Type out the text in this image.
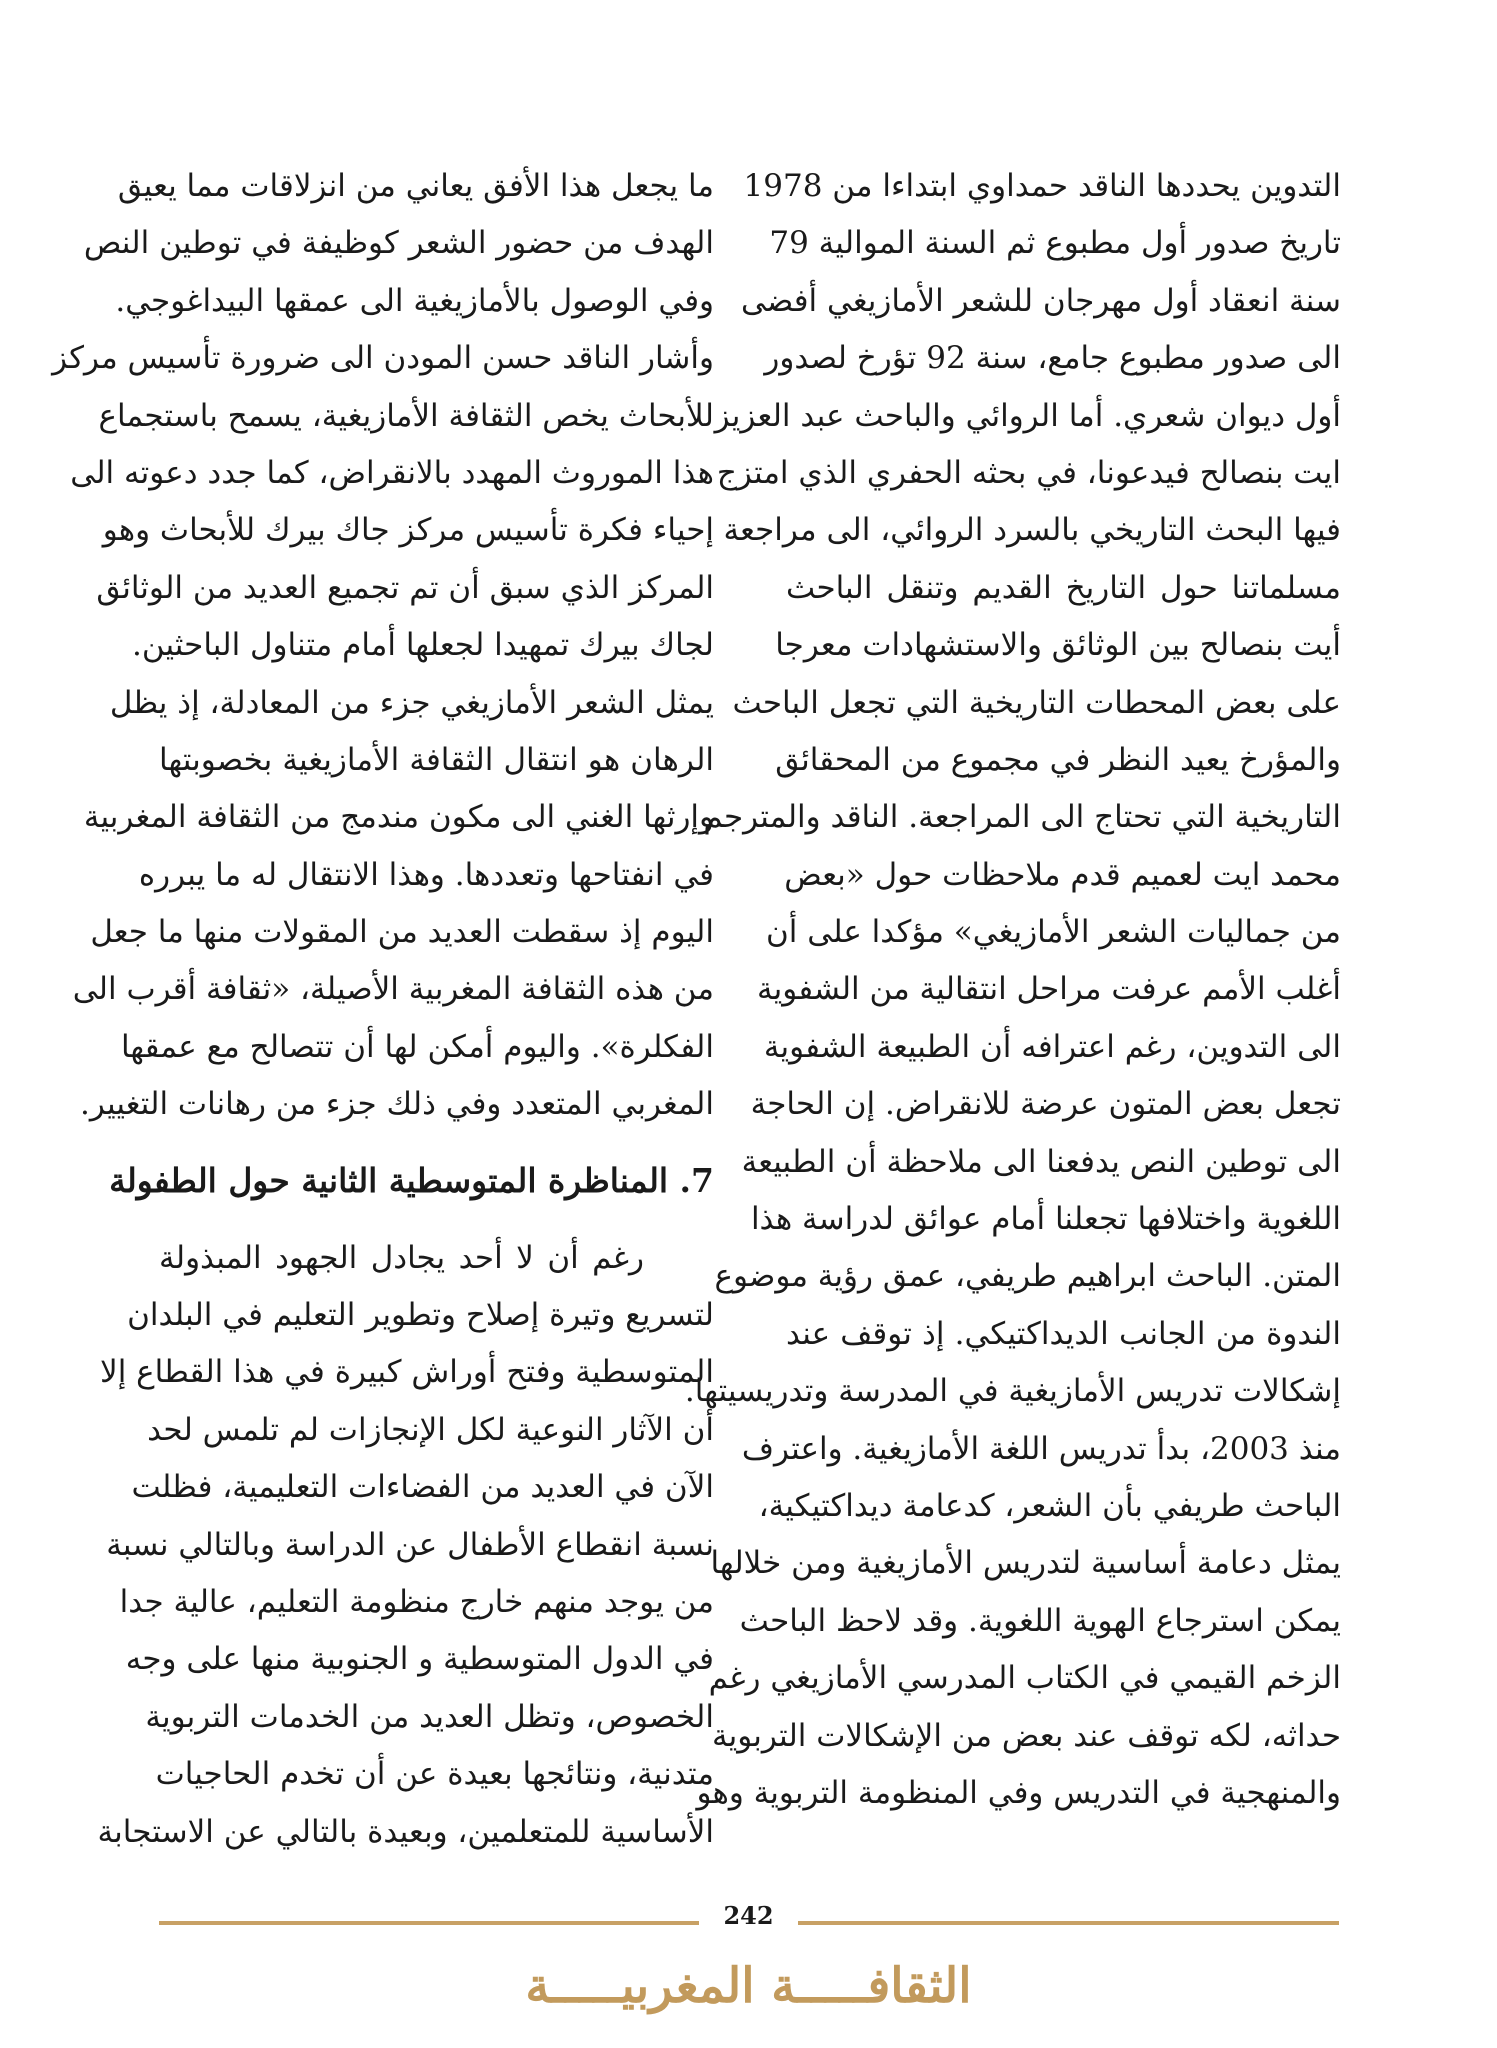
التدوين يحددها الناقد حمداوي ابتداءا من 1978
تاريخ صدور أول مطبوع ثم السنة الموالية 79
سنة انعقاد أول مهرجان للشعر الأمازيغي أفضى
الى صدور مطبوع جامع، سنة 92 تؤرخ لصدور
أول ديوان شعري. أما الروائي والباحث عبد العزيز
ايت بنصالح فيدعونا، في بحثه الحفري الذي امتزج
فيها البحث التاريخي بالسرد الروائي، الى مراجعة
مسلماتنا حول التاريخ القديم وتنقل الباحث
أيت بنصالح بين الوثائق والاستشهادات معرجا
على بعض المحطات التاريخية التي تجعل الباحث
والمؤرخ يعيد النظر في مجموع من المحقائق
التاريخية التي تحتاج الى المراجعة. الناقد والمترجم
محمد ايت لعميم قدم ملاحظات حول «بعض
من جماليات الشعر الأمازيغي» مؤكدا على أن
أغلب الأمم عرفت مراحل انتقالية من الشفوية
الى التدوين، رغم اعترافه أن الطبيعة الشفوية
تجعل بعض المتون عرضة للانقراض. إن الحاجة
الى توطين النص يدفعنا الى ملاحظة أن الطبيعة
اللغوية واختلافها تجعلنا أمام عوائق لدراسة هذا
المتن. الباحث ابراهيم طريفي، عمق رؤية موضوع
الندوة من الجانب الديداكتيكي. إذ توقف عند
إشكالات تدريس الأمازيغية في المدرسة وتدريسيتها.
منذ 2003، بدأ تدريس اللغة الأمازيغية. واعترف
الباحث طريفي بأن الشعر، كدعامة ديداكتيكية،
يمثل دعامة أساسية لتدريس الأمازيغية ومن خلالها
يمكن استرجاع الهوية اللغوية. وقد لاحظ الباحث
الزخم القيمي في الكتاب المدرسي الأمازيغي رغم
حداثه، لكه توقف عند بعض من الإشكالات التربوية
والمنهجية في التدريس وفي المنظومة التربوية وهو
ما يجعل هذا الأفق يعاني من انزلاقات مما يعيق
الهدف من حضور الشعر كوظيفة في توطين النص
وفي الوصول بالأمازيغية الى عمقها البيداغوجي.
وأشار الناقد حسن المودن الى ضرورة تأسيس مركز
للأبحاث يخص الثقافة الأمازيغية، يسمح باستجماع
هذا الموروث المهدد بالانقراض، كما جدد دعوته الى
إحياء فكرة تأسيس مركز جاك بيرك للأبحاث وهو
المركز الذي سبق أن تم تجميع العديد من الوثائق
لجاك بيرك تمهيدا لجعلها أمام متناول الباحثين.
يمثل الشعر الأمازيغي جزء من المعادلة، إذ يظل
الرهان هو انتقال الثقافة الأمازيغية بخصوبتها
وإرثها الغني الى مكون مندمج من الثقافة المغربية
في انفتاحها وتعددها. وهذا الانتقال له ما يبرره
اليوم إذ سقطت العديد من المقولات منها ما جعل
من هذه الثقافة المغربية الأصيلة، «ثقافة أقرب الى
الفكلرة». واليوم أمكن لها أن تتصالح مع عمقها
المغربي المتعدد وفي ذلك جزء من رهانات التغيير.
7. المناظرة المتوسطية الثانية حول الطفولة
رغم أن لا أحد يجادل الجهود المبذولة
لتسريع وتيرة إصلاح وتطوير التعليم في البلدان
المتوسطية وفتح أوراش كبيرة في هذا القطاع إلا
أن الآثار النوعية لكل الإنجازات لم تلمس لحد
الآن في العديد من الفضاءات التعليمية، فظلت
نسبة انقطاع الأطفال عن الدراسة وبالتالي نسبة
من يوجد منهم خارج منظومة التعليم، عالية جدا
في الدول المتوسطية و الجنوبية منها على وجه
الخصوص، وتظل العديد من الخدمات التربوية
متدنية، ونتائجها بعيدة عن أن تخدم الحاجيات
الأساسية للمتعلمين، وبعيدة بالتالي عن الاستجابة
242
الثقافـــــة المغربيـــــة
